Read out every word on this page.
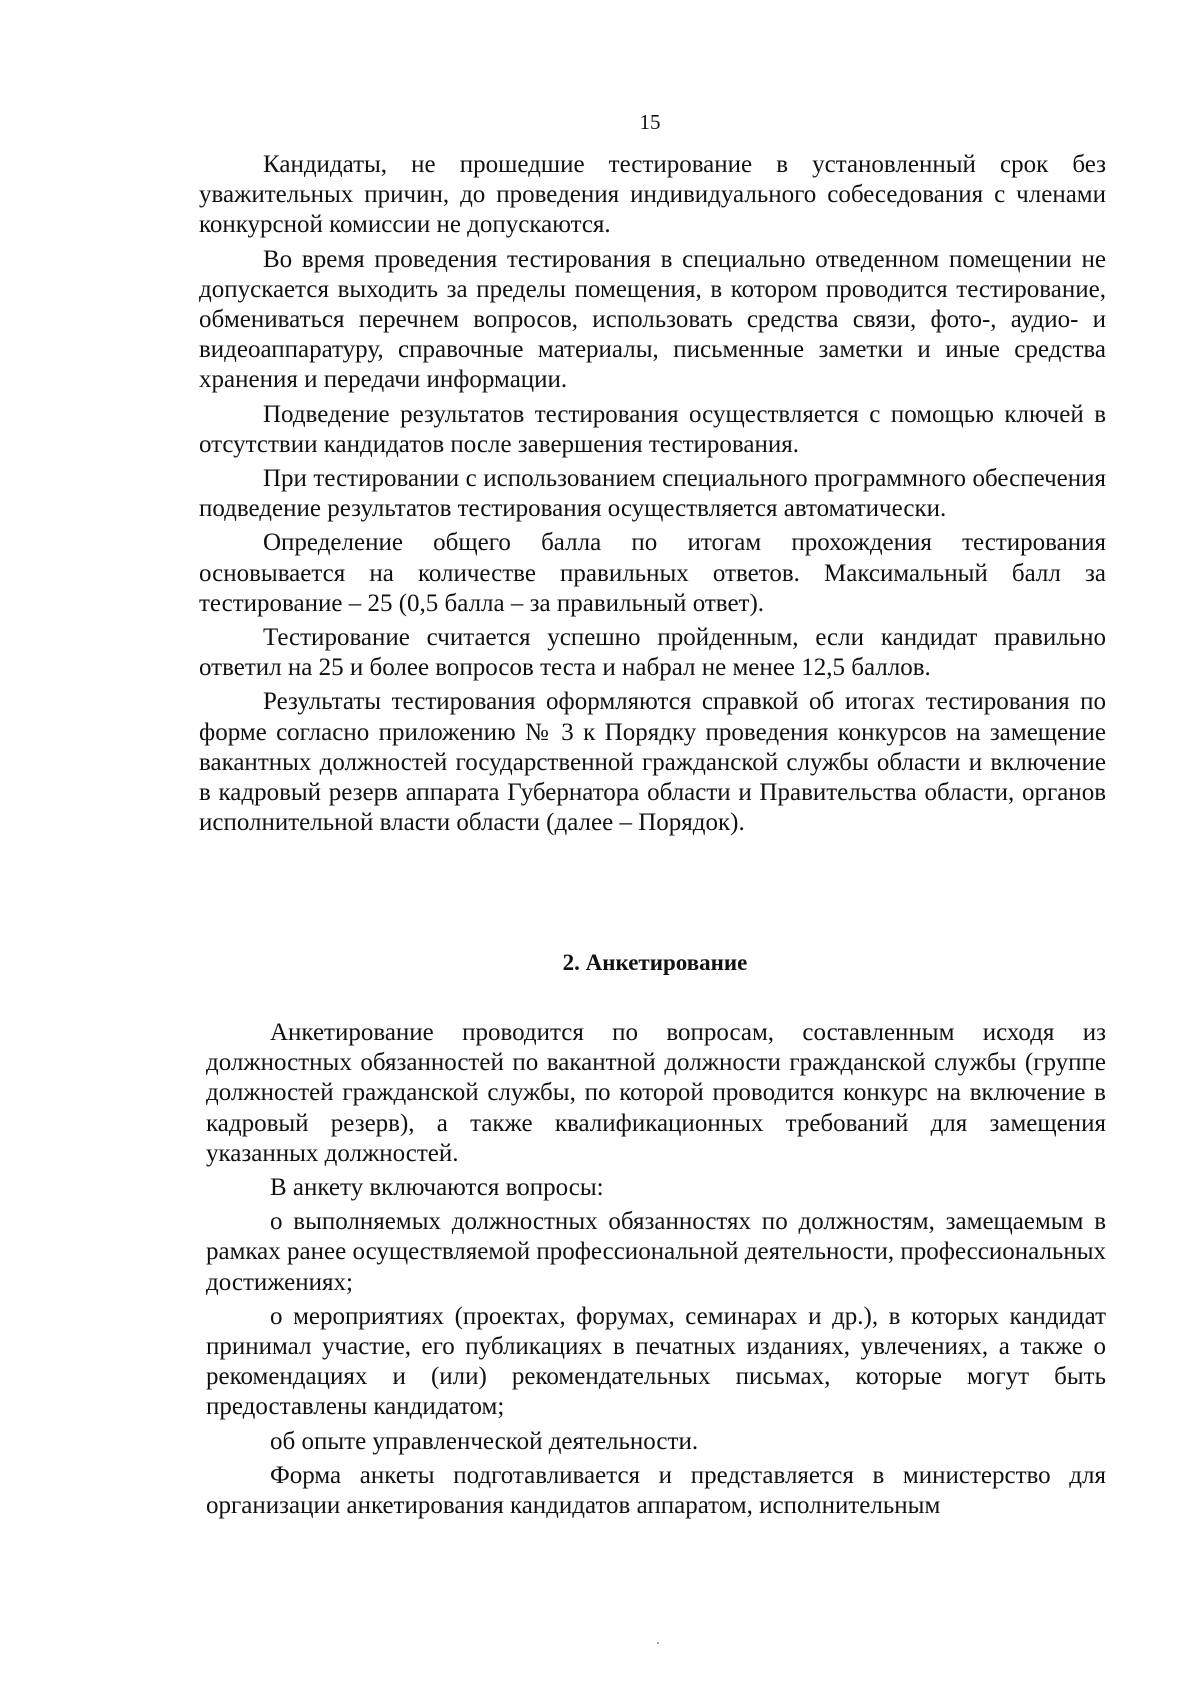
15

Кандидаты, не прошедшие тестирование в установленный срок без уважительных причин, до проведения индивидуального собеседования с членами конкурсной комиссии не допускаются.

Во время проведения тестирования в специально отведенном помещении не допускается выходить за пределы помещения, в котором проводится тестирование, обмениваться перечнем вопросов, использовать средства связи, фото-, аудио- и видеоаппаратуру, справочные материалы, письменные заметки и иные средства хранения и передачи информации.

Подведение результатов тестирования осуществляется с помощью ключей в отсутствии кандидатов после завершения тестирования.

При тестировании с использованием специального программного обеспечения подведение результатов тестирования осуществляется автоматически.

Определение общего балла по итогам прохождения тестирования основывается на количестве правильных ответов. Максимальный балл за тестирование – 25 (0,5 балла – за правильный ответ).

Тестирование считается успешно пройденным, если кандидат правильно ответил на 25 и более вопросов теста и набрал не менее 12,5 баллов.

Результаты тестирования оформляются справкой об итогах тестирования по форме согласно приложению № 3 к Порядку проведения конкурсов на замещение вакантных должностей государственной гражданской службы области и включение в кадровый резерв аппарата Губернатора области и Правительства области, органов исполнительной власти области (далее – Порядок).

2. Анкетирование

Анкетирование проводится по вопросам, составленным исходя из должностных обязанностей по вакантной должности гражданской службы (группе должностей гражданской службы, по которой проводится конкурс на включение в кадровый резерв), а также квалификационных требований для замещения указанных должностей.

В анкету включаются вопросы:

о выполняемых должностных обязанностях по должностям, замещаемым в рамках ранее осуществляемой профессиональной деятельности, профессиональных достижениях;

о мероприятиях (проектах, форумах, семинарах и др.), в которых кандидат принимал участие, его публикациях в печатных изданиях, увлечениях, а также о рекомендациях и (или) рекомендательных письмах, которые могут быть предоставлены кандидатом;

об опыте управленческой деятельности.

Форма анкеты подготавливается и представляется в министерство для организации анкетирования кандидатов аппаратом, исполнительным
